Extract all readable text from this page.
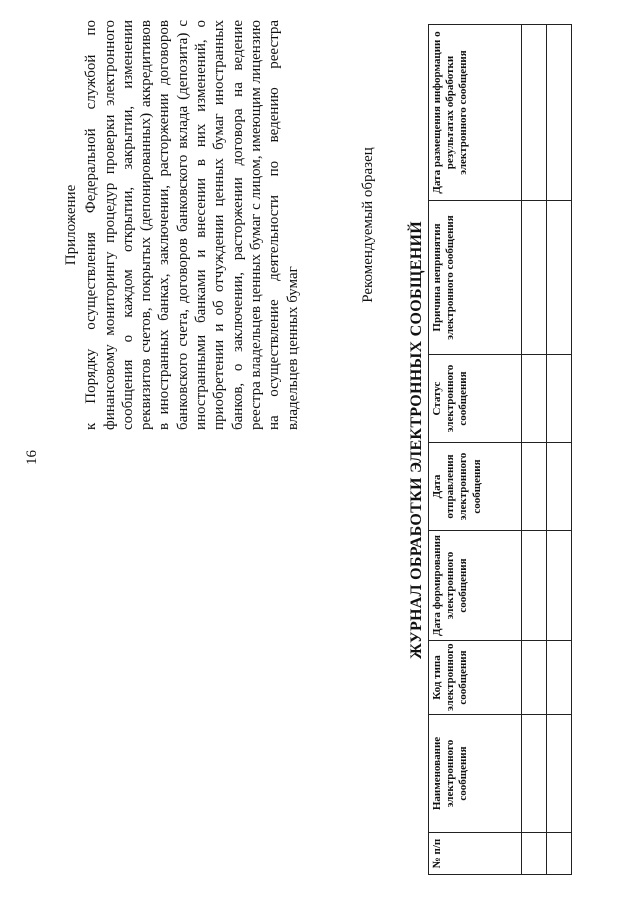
16
Приложение к Порядку осуществления Федеральной службой по финансовому мониторингу процедур проверки электронного сообщения о каждом открытии, закрытии, изменении реквизитов счетов, покрытых (депонированных) аккредитивов в иностранных банках, заключении, расторжении договоров банковского счета, договоров банковского вклада (депозита) с иностранными банками и внесении в них изменений, о приобретении и об отчуждении ценных бумаг иностранных банков, о заключении, расторжении договора на ведение реестра владельцев ценных бумаг с лицом, имеющим лицензию на осуществление деятельности по ведению реестра владельцев ценных бумаг
Рекомендуемый образец ЖУРНАЛ ОБРАБОТКИ ЭЛЕКТРОННЫХ СООБЩЕНИЙ
№ п/п	Наименование электронного сообщения	Код типа электронного сообщения	Дата формирования электронного сообщения	Дата отправления электронного сообщения	Статус электронного сообщения	Причина непринятия электронного сообщения	Дата размещения информации о результатах обработки электронного сообщения
